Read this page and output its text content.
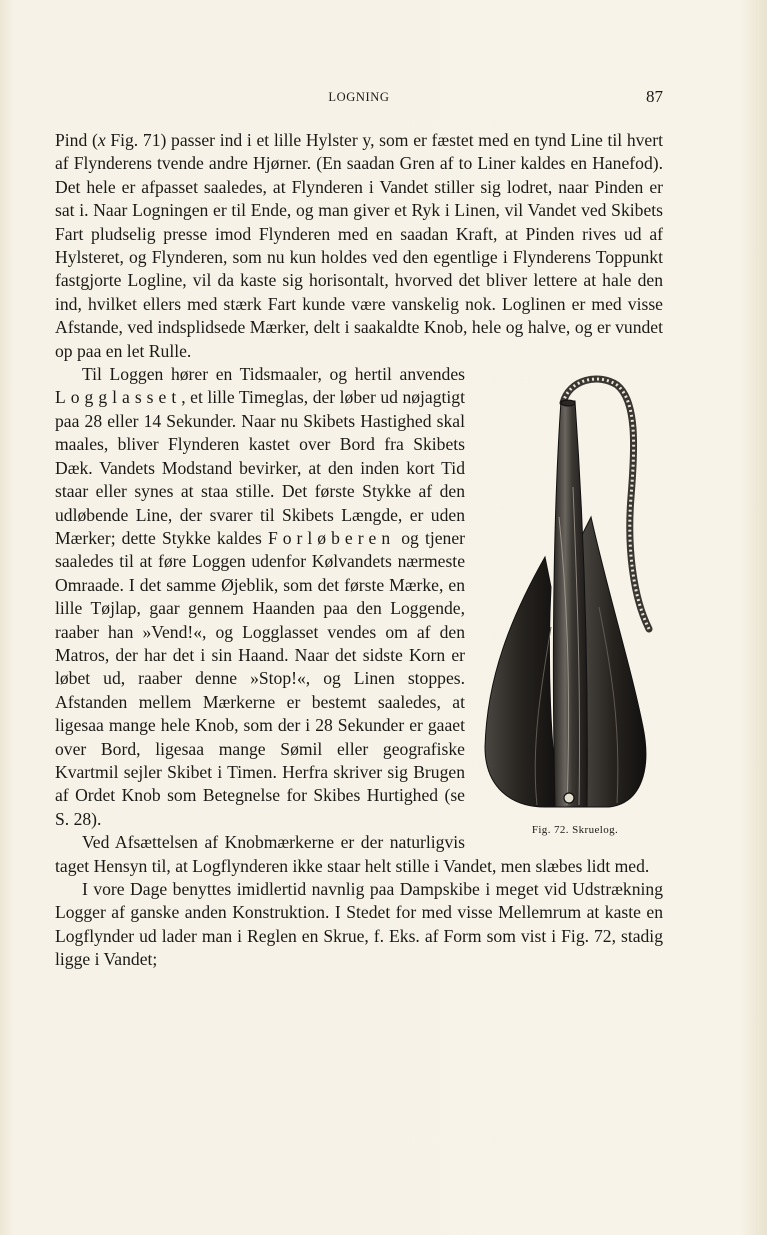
LOGNING	87

Pind (x Fig. 71) passer ind i et lille Hylster y, som er fæstet med en tynd Line til hvert af Flynderens tvende andre Hjørner. (En saadan Gren af to Liner kaldes en Hanefod). Det hele er afpasset saaledes, at Flynderen i Vandet stiller sig lodret, naar Pinden er sat i. Naar Logningen er til Ende, og man giver et Ryk i Linen, vil Vandet ved Skibets Fart pludselig presse imod Flynderen med en saadan Kraft, at Pinden rives ud af Hylsteret, og Flynderen, som nu kun holdes ved den egentlige i Flynderens Toppunkt fastgjorte Logline, vil da kaste sig horisontalt, hvorved det bliver lettere at hale den ind, hvilket ellers med stærk Fart kunde være vanskelig nok. Loglinen er med visse Afstande, ved indsplidsede Mærker, delt i saakaldte Knob, hele og halve, og er vundet op paa en let Rulle.

Fig. 72. Skruelog.

Til Loggen hører en Tidsmaaler, og hertil anvendes Logglasset, et lille Timeglas, der løber ud nøjagtigt paa 28 eller 14 Sekunder. Naar nu Skibets Hastighed skal maales, bliver Flynderen kastet over Bord fra Skibets Dæk. Vandets Modstand bevirker, at den inden kort Tid staar eller synes at staa stille. Det første Stykke af den udløbende Line, der svarer til Skibets Længde, er uden Mærker; dette Stykke kaldes Forløberen og tjener saaledes til at føre Loggen udenfor Kølvandets nærmeste Omraade. I det samme Øjeblik, som det første Mærke, en lille Tøjlap, gaar gennem Haanden paa den Loggende, raaber han »Vend!«, og Logglasset vendes om af den Matros, der har det i sin Haand. Naar det sidste Korn er løbet ud, raaber denne »Stop!«, og Linen stoppes. Afstanden mellem Mærkerne er bestemt saaledes, at ligesaa mange hele Knob, som der i 28 Sekunder er gaaet over Bord, ligesaa mange Sømil eller geografiske Kvartmil sejler Skibet i Timen. Herfra skriver sig Brugen af Ordet Knob som Betegnelse for Skibes Hurtighed (se S. 28).

Ved Afsættelsen af Knobmærkerne er der naturligvis taget Hensyn til, at Logflynderen ikke staar helt stille i Vandet, men slæbes lidt med.

I vore Dage benyttes imidlertid navnlig paa Dampskibe i meget vid Udstrækning Logger af ganske anden Konstruktion. I Stedet for med visse Mellemrum at kaste en Logflynder ud lader man i Reglen en Skrue, f. Eks. af Form som vist i Fig. 72, stadig ligge i Vandet;
